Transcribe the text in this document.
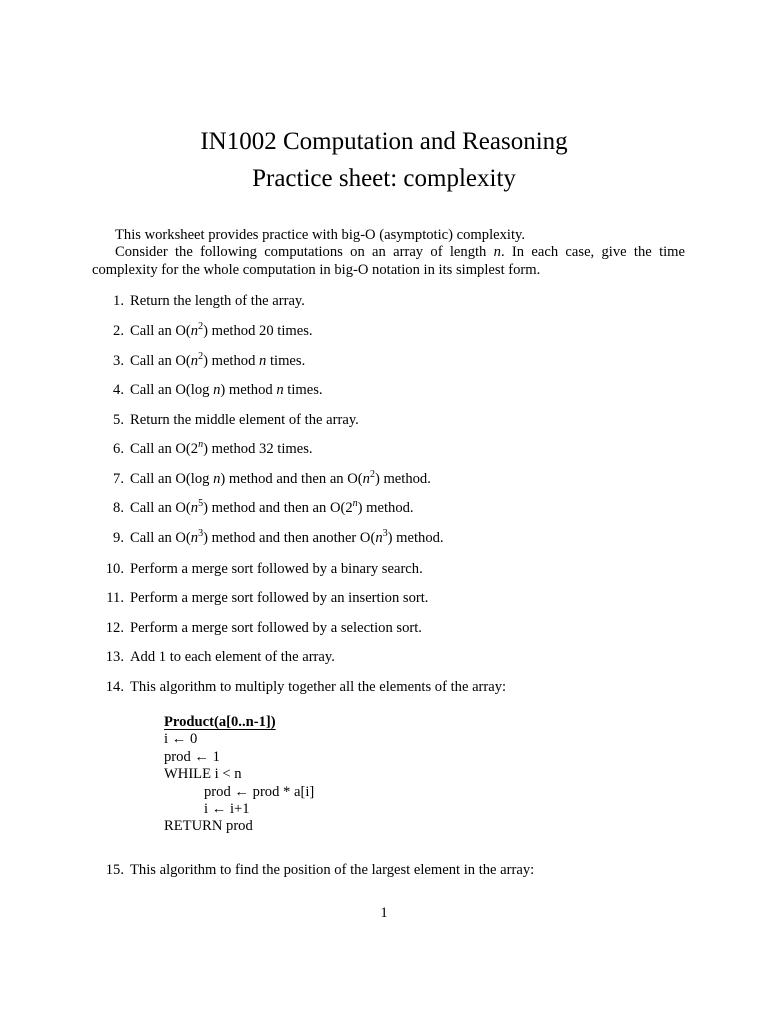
IN1002 Computation and Reasoning
Practice sheet: complexity
This worksheet provides practice with big-O (asymptotic) complexity.
Consider the following computations on an array of length n. In each case, give the time complexity for the whole computation in big-O notation in its simplest form.
1. Return the length of the array.
2. Call an $O(n^2)$ method 20 times.
3. Call an $O(n^2)$ method n times.
4. Call an O(log n) method n times.
5. Return the middle element of the array.
6. Call an O(2$^n$) method 32 times.
7. Call an O(log n) method and then an $O(n^2)$ method.
8. Call an $O(n^5)$ method and then an O(2$^n$) method.
9. Call an $O(n^3)$ method and then another $O(n^3)$ method.
10. Perform a merge sort followed by a binary search.
11. Perform a merge sort followed by an insertion sort.
12. Perform a merge sort followed by a selection sort.
13. Add 1 to each element of the array.
14. This algorithm to multiply together all the elements of the array:
Product(a[0..n-1])
i ← 0
prod ← 1
WHILE i < n
prod ← prod * a[i]
i ← i+1
RETURN prod
15. This algorithm to find the position of the largest element in the array:
1
